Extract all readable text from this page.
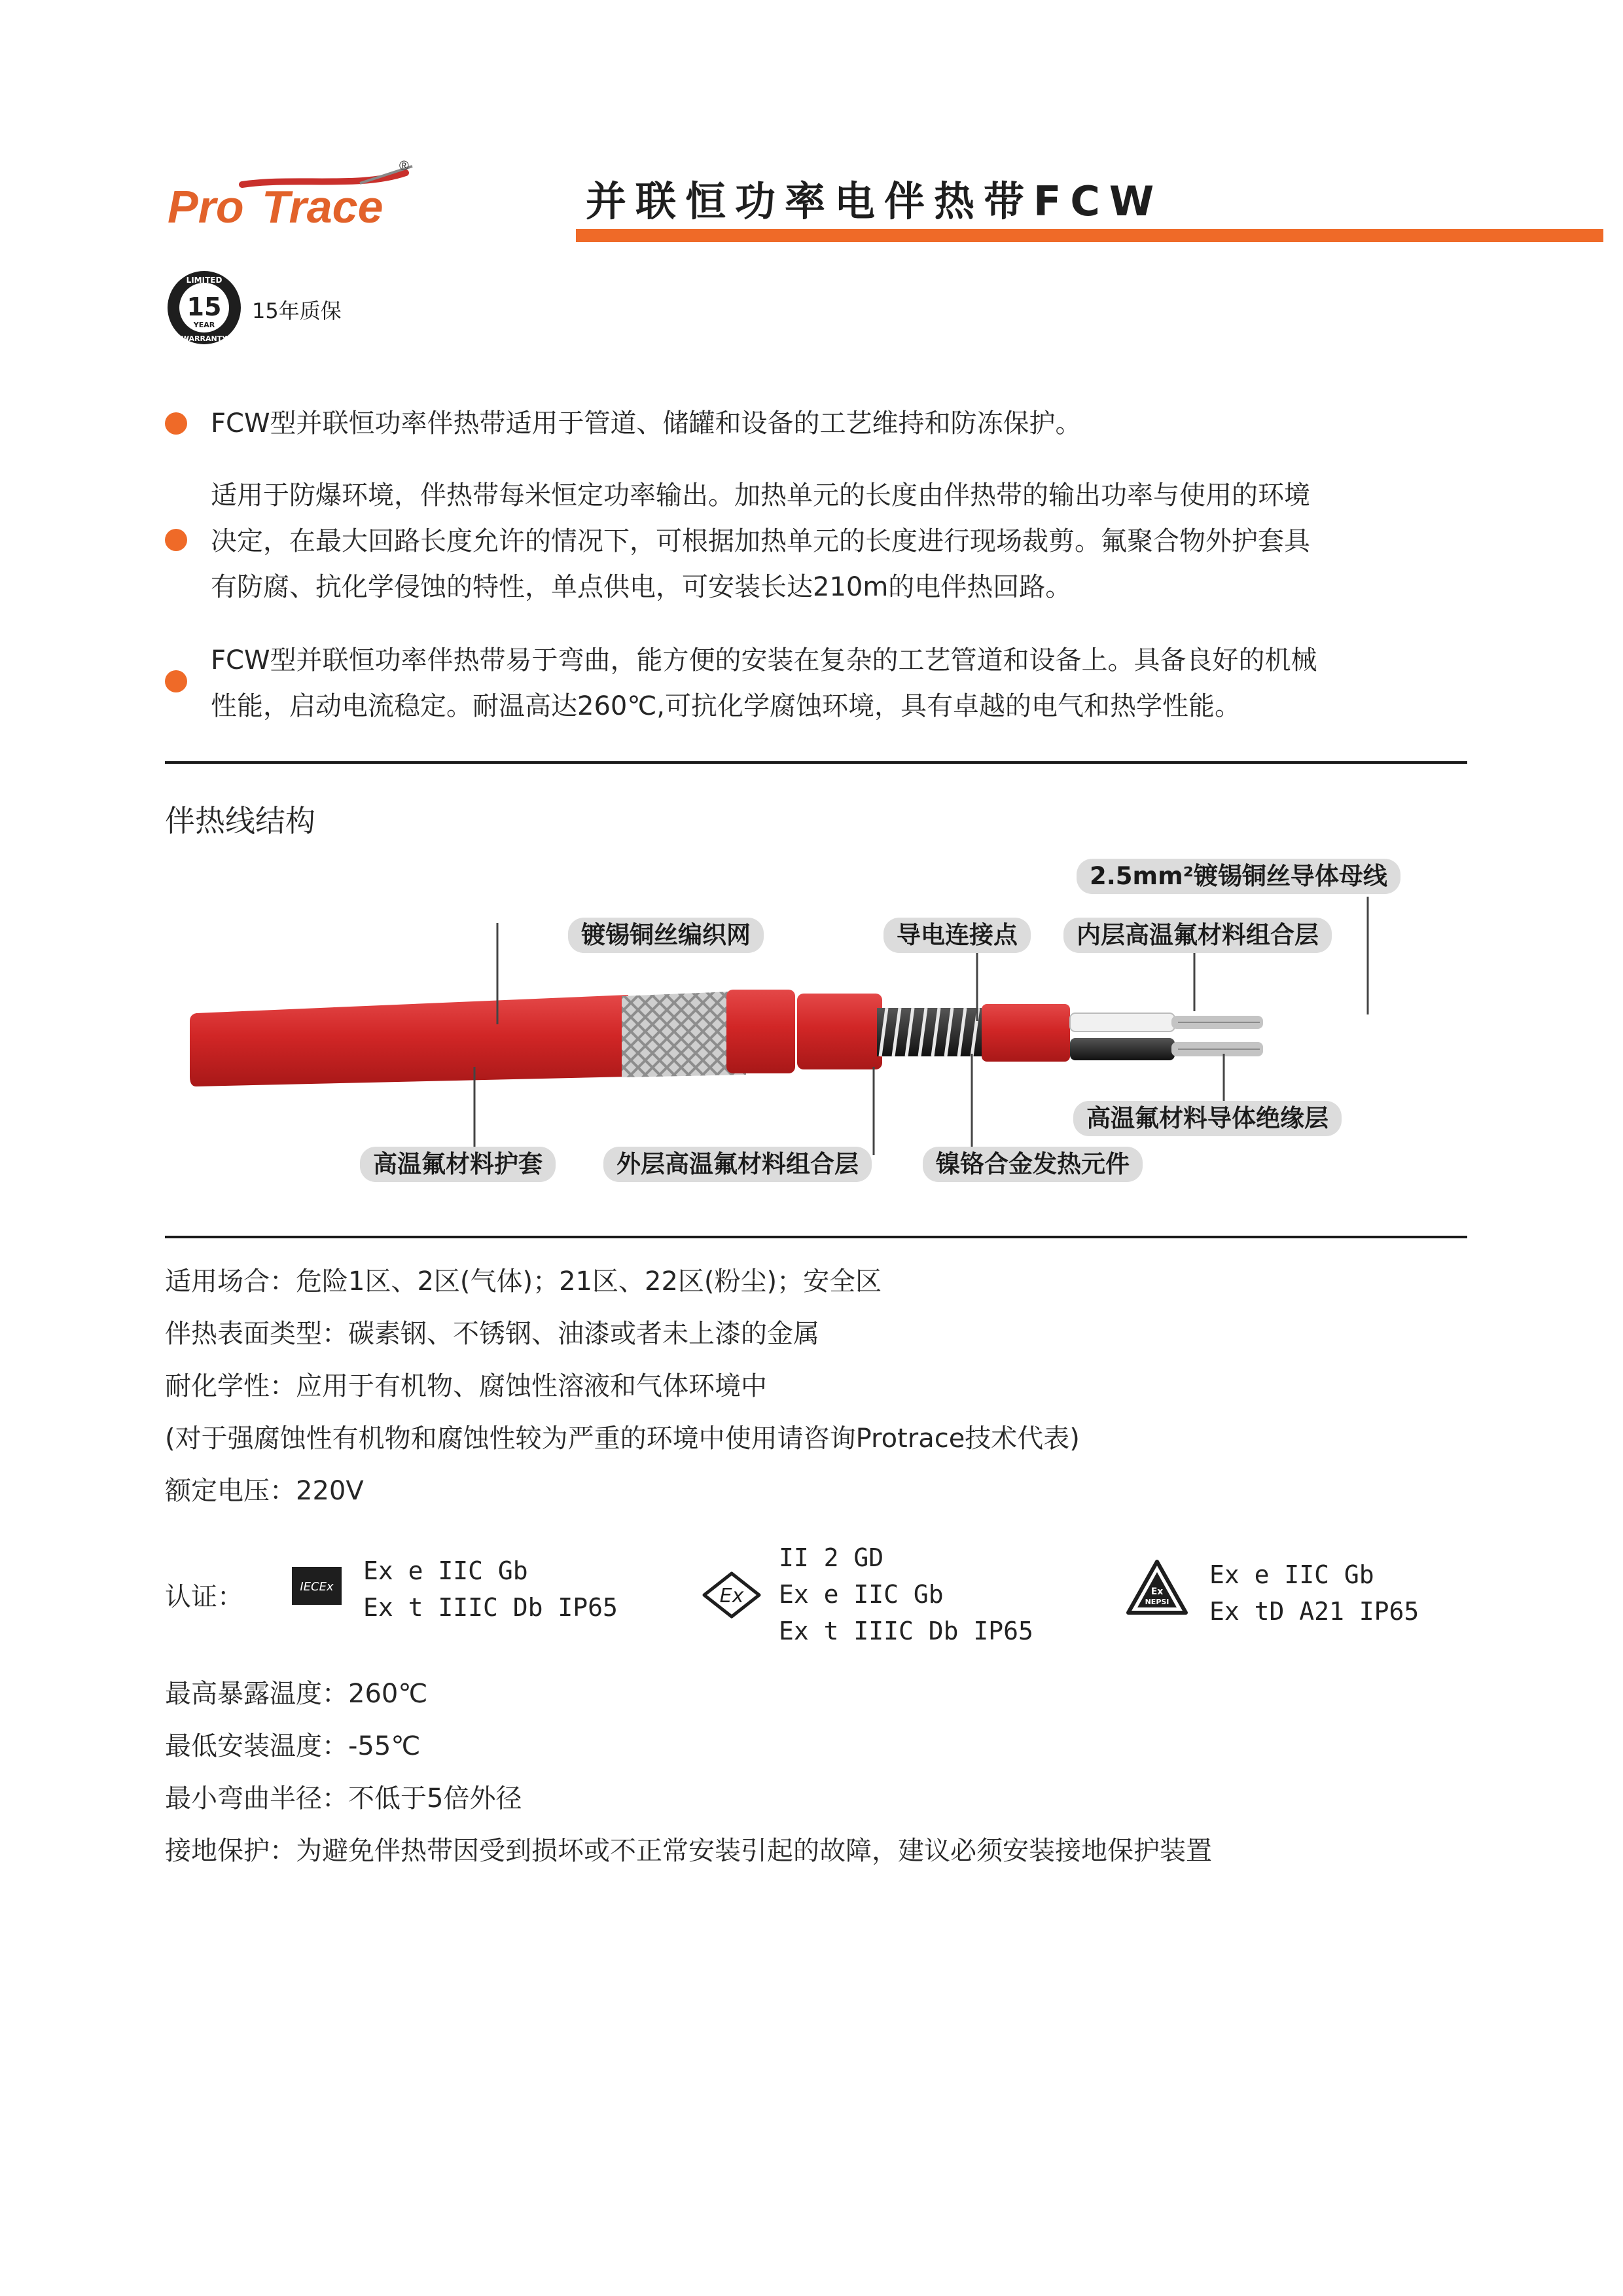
Pro Trace
®
并联恒功率电伴热带FCW
LIMITED
15
YEAR
WARRANTY
15年质保
FCW型并联恒功率伴热带适用于管道、储罐和设备的工艺维持和防冻保护。
适用于防爆环境，伴热带每米恒定功率输出。加热单元的长度由伴热带的输出功率与使用的环境
决定，在最大回路长度允许的情况下，可根据加热单元的长度进行现场裁剪。氟聚合物外护套具
有防腐、抗化学侵蚀的特性，单点供电，可安装长达210m的电伴热回路。
FCW型并联恒功率伴热带易于弯曲，能方便的安装在复杂的工艺管道和设备上。具备良好的机械
性能，启动电流稳定。耐温高达260℃,可抗化学腐蚀环境，具有卓越的电气和热学性能。
伴热线结构
2.5mm²镀锡铜丝导体母线
镀锡铜丝编织网	导电连接点	内层高温氟材料组合层
高温氟材料导体绝缘层
高温氟材料护套	外层高温氟材料组合层	镍铬合金发热元件
适用场合：危险1区、2区(气体)；21区、22区(粉尘)；安全区
伴热表面类型：碳素钢、不锈钢、油漆或者未上漆的金属
耐化学性：应用于有机物、腐蚀性溶液和气体环境中
(对于强腐蚀性有机物和腐蚀性较为严重的环境中使用请咨询Protrace技术代表)
额定电压：220V
认证：	IECEx
Ex e IIC Gb
Ex t IIIC Db IP65	Ex
II 2 GD
Ex e IIC Gb
Ex t IIIC Db IP65
Ex
NEPSI
Ex e IIC Gb
Ex tD A21 IP65
最高暴露温度：260℃
最低安装温度：-55℃
最小弯曲半径：不低于5倍外径
接地保护：为避免伴热带因受到损坏或不正常安装引起的故障，建议必须安装接地保护装置
